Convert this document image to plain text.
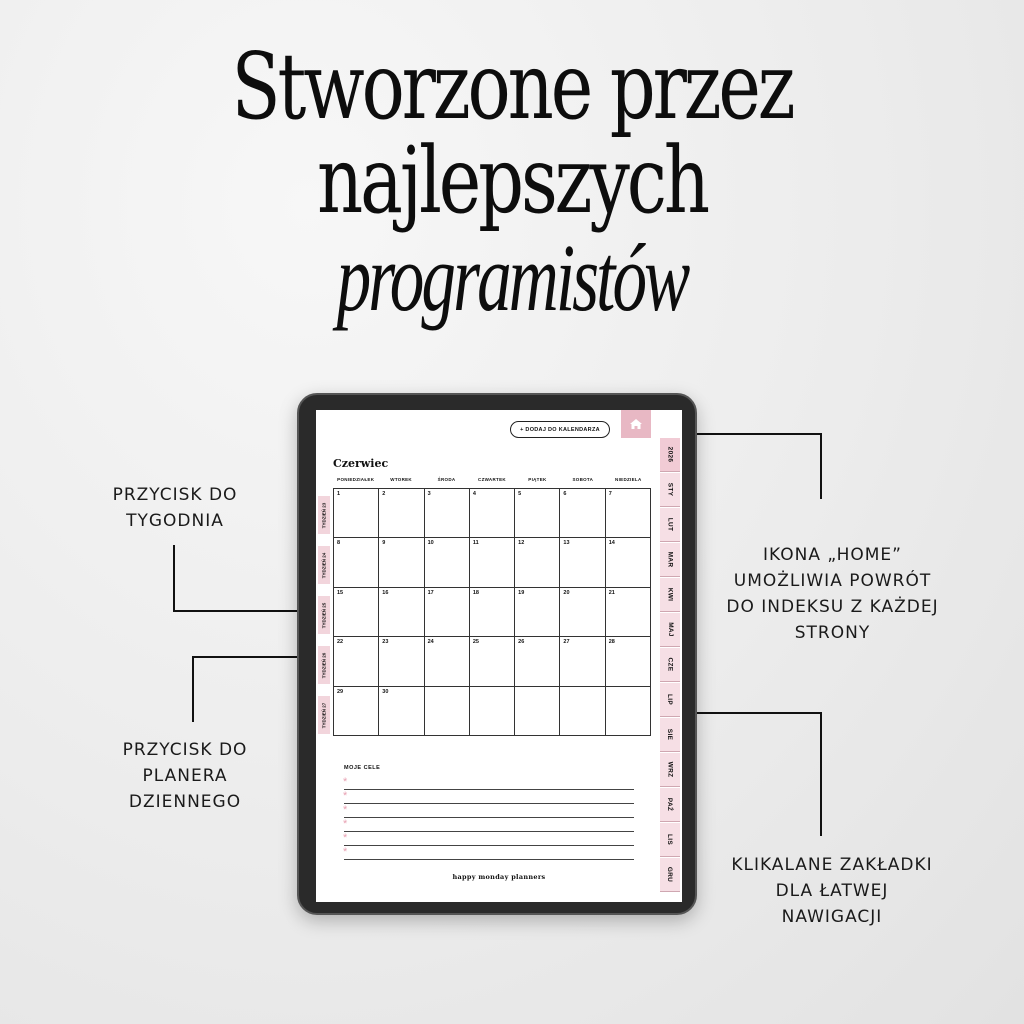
Stworzone przez
najlepszych
programistów
PRZYCISK DO
TYGODNIA
PRZYCISK DO
PLANERA
DZIENNEGO
IKONA „HOME”
UMOŻLIWIA POWRÓT
DO INDEKSU Z KAŻDEJ
STRONY
KLIKALANE ZAKŁADKI
DLA ŁATWEJ
NAWIGACJI
+ DODAJ DO KALENDARZA
Czerwiec
PONIEDZIAŁEK	WTOREK	ŚRODA	CZWARTEK	PIĄTEK	SOBOTA	NIEDZIELA
TYDZIEŃ 23
TYDZIEŃ 24
TYDZIEŃ 25
TYDZIEŃ 26
TYDZIEŃ 27
1	2	3	4	5	6	7
8	9	10	11	12	13	14
15	16	17	18	19	20	21
22	23	24	25	26	27	28
29	30
MOJE CELE
*
*
*
*
*
*
happy monday planners
2026
STY
LUT
MAR
KWI
MAJ
CZE
LIP
SIE
WRZ
PAŹ
LIS
GRU
